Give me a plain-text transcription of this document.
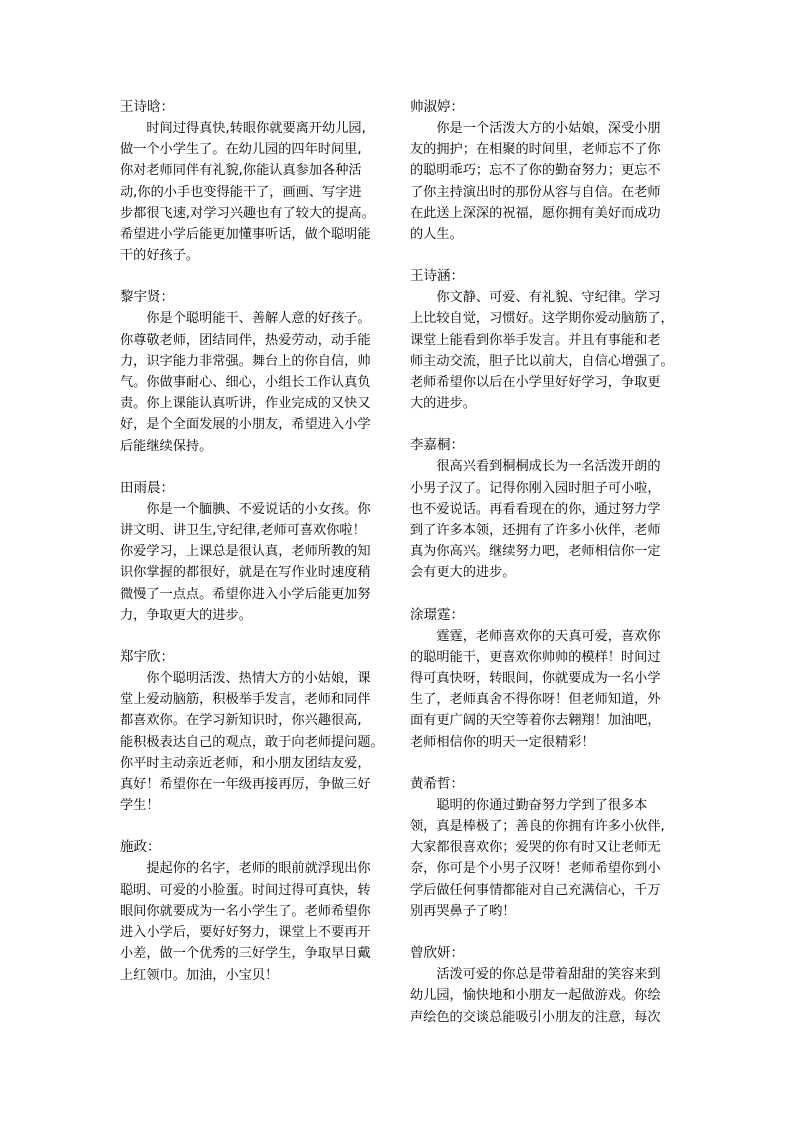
王诗晗：
　　时间过得真快,转眼你就要离开幼儿园,
做一个小学生了。在幼儿园的四年时间里,
你对老师同伴有礼貌,你能认真参加各种活
动,你的小手也变得能干了，画画、写字进
步都很飞速,对学习兴趣也有了较大的提高。
希望进小学后能更加懂事听话，做个聪明能
干的好孩子。
黎宇贤：
　　你是个聪明能干、善解人意的好孩子。
你尊敬老师，团结同伴，热爱劳动，动手能
力，识字能力非常强。舞台上的你自信，帅
气。你做事耐心、细心，小组长工作认真负
责。你上课能认真听讲，作业完成的又快又
好，是个全面发展的小朋友，希望进入小学
后能继续保持。
田雨晨：
　　你是一个腼腆、不爱说话的小女孩。你
讲文明、讲卫生,守纪律,老师可喜欢你啦！
你爱学习，上课总是很认真，老师所教的知
识你掌握的都很好，就是在写作业时速度稍
微慢了一点点。希望你进入小学后能更加努
力，争取更大的进步。
郑宇欣：
　　你个聪明活泼、热情大方的小姑娘，课
堂上爱动脑筋，积极举手发言，老师和同伴
都喜欢你。在学习新知识时，你兴趣很高,
能积极表达自己的观点，敢于向老师提问题。
你平时主动亲近老师，和小朋友团结友爱，
真好！希望你在一年级再接再厉，争做三好
学生！
施政：
　　提起你的名字，老师的眼前就浮现出你
聪明、可爱的小脸蛋。时间过得可真快，转
眼间你就要成为一名小学生了。老师希望你
进入小学后，要好好努力，课堂上不要再开
小差，做一个优秀的三好学生，争取早日戴
上红领巾。加油，小宝贝！
帅淑婷：
　　你是一个活泼大方的小姑娘，深受小朋
友的拥护；在相聚的时间里，老师忘不了你
的聪明乖巧；忘不了你的勤奋努力；更忘不
了你主持演出时的那份从容与自信。在老师
在此送上深深的祝福，愿你拥有美好而成功
的人生。
王诗涵：
　　你文静、可爱、有礼貌、守纪律。学习
上比较自觉，习惯好。这学期你爱动脑筋了，
课堂上能看到你举手发言。并且有事能和老
师主动交流，胆子比以前大，自信心增强了。
老师希望你以后在小学里好好学习，争取更
大的进步。
李嘉桐：
　　很高兴看到桐桐成长为一名活泼开朗的
小男子汉了。记得你刚入园时胆子可小啦，
也不爱说话。再看看现在的你，通过努力学
到了许多本领，还拥有了许多小伙伴，老师
真为你高兴。继续努力吧，老师相信你一定
会有更大的进步。
涂璟霆：
　　霆霆，老师喜欢你的天真可爱，喜欢你
的聪明能干，更喜欢你帅帅的模样！时间过
得可真快呀，转眼间，你就要成为一名小学
生了，老师真舍不得你呀！但老师知道，外
面有更广阔的天空等着你去翱翔！加油吧，
老师相信你的明天一定很精彩！
黄希哲：
　　聪明的你通过勤奋努力学到了很多本
领，真是棒极了；善良的你拥有许多小伙伴,
大家都很喜欢你；爱哭的你有时又让老师无
奈，你可是个小男子汉呀！老师希望你到小
学后做任何事情都能对自己充满信心，千万
别再哭鼻子了哟！
曾欣妍：
　　活泼可爱的你总是带着甜甜的笑容来到
幼儿园，愉快地和小朋友一起做游戏。你绘
声绘色的交谈总能吸引小朋友的注意，每次
